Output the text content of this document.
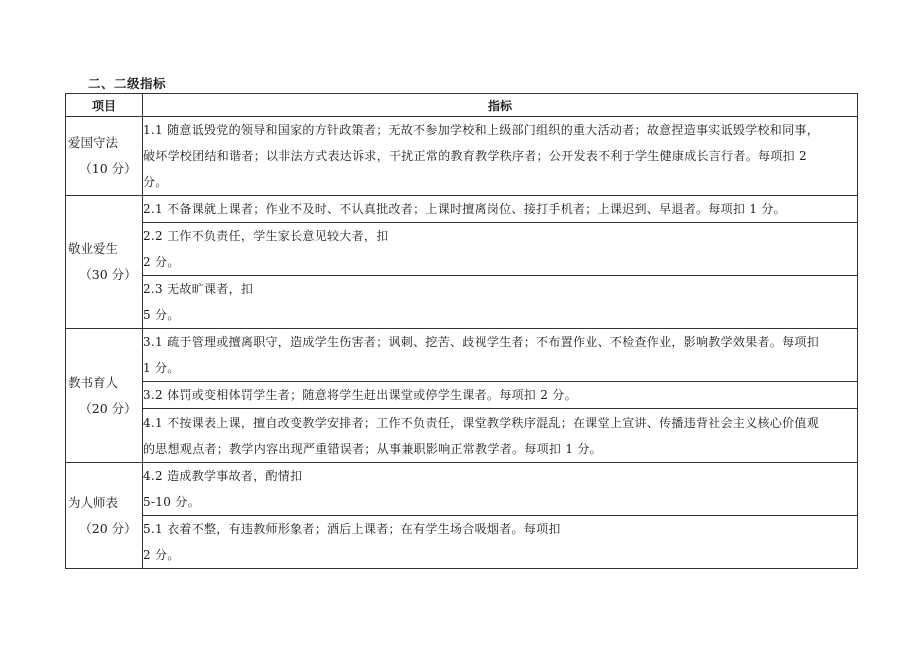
二、二级指标
项目	指标

爱国守法
（10 分）	1.1 随意诋毁党的领导和国家的方针政策者；无故不参加学校和上级部门组织的重大活动者；故意捏造事实诋毁学校和同事，
破坏学校团结和谐者；以非法方式表达诉求，干扰正常的教育教学秩序者；公开发表不利于学生健康成长言行者。每项扣 2
分。

敬业爱生
（30 分）	2.1 不备课就上课者；作业不及时、不认真批改者；上课时擅离岗位、接打手机者；上课迟到、早退者。每项扣 1 分。

	2.2 工作不负责任，学生家长意见较大者，扣
2 分。

	2.3 无故旷课者，扣
5 分。

教书育人
（20 分）	3.1 疏于管理或擅离职守，造成学生伤害者；讽刺、挖苦、歧视学生者；不布置作业、不检查作业，影响教学效果者。每项扣
1 分。

	3.2 体罚或变相体罚学生者；随意将学生赶出课堂或停学生课者。每项扣 2 分。

	4.1 不按课表上课，擅自改变教学安排者；工作不负责任，课堂教学秩序混乱；在课堂上宣讲、传播违背社会主义核心价值观
的思想观点者；教学内容出现严重错误者；从事兼职影响正常教学者。每项扣 1 分。

为人师表
（20 分）	4.2 造成教学事故者，酌情扣
5-10 分。

	5.1 衣着不整，有违教师形象者；酒后上课者；在有学生场合吸烟者。每项扣
2 分。
